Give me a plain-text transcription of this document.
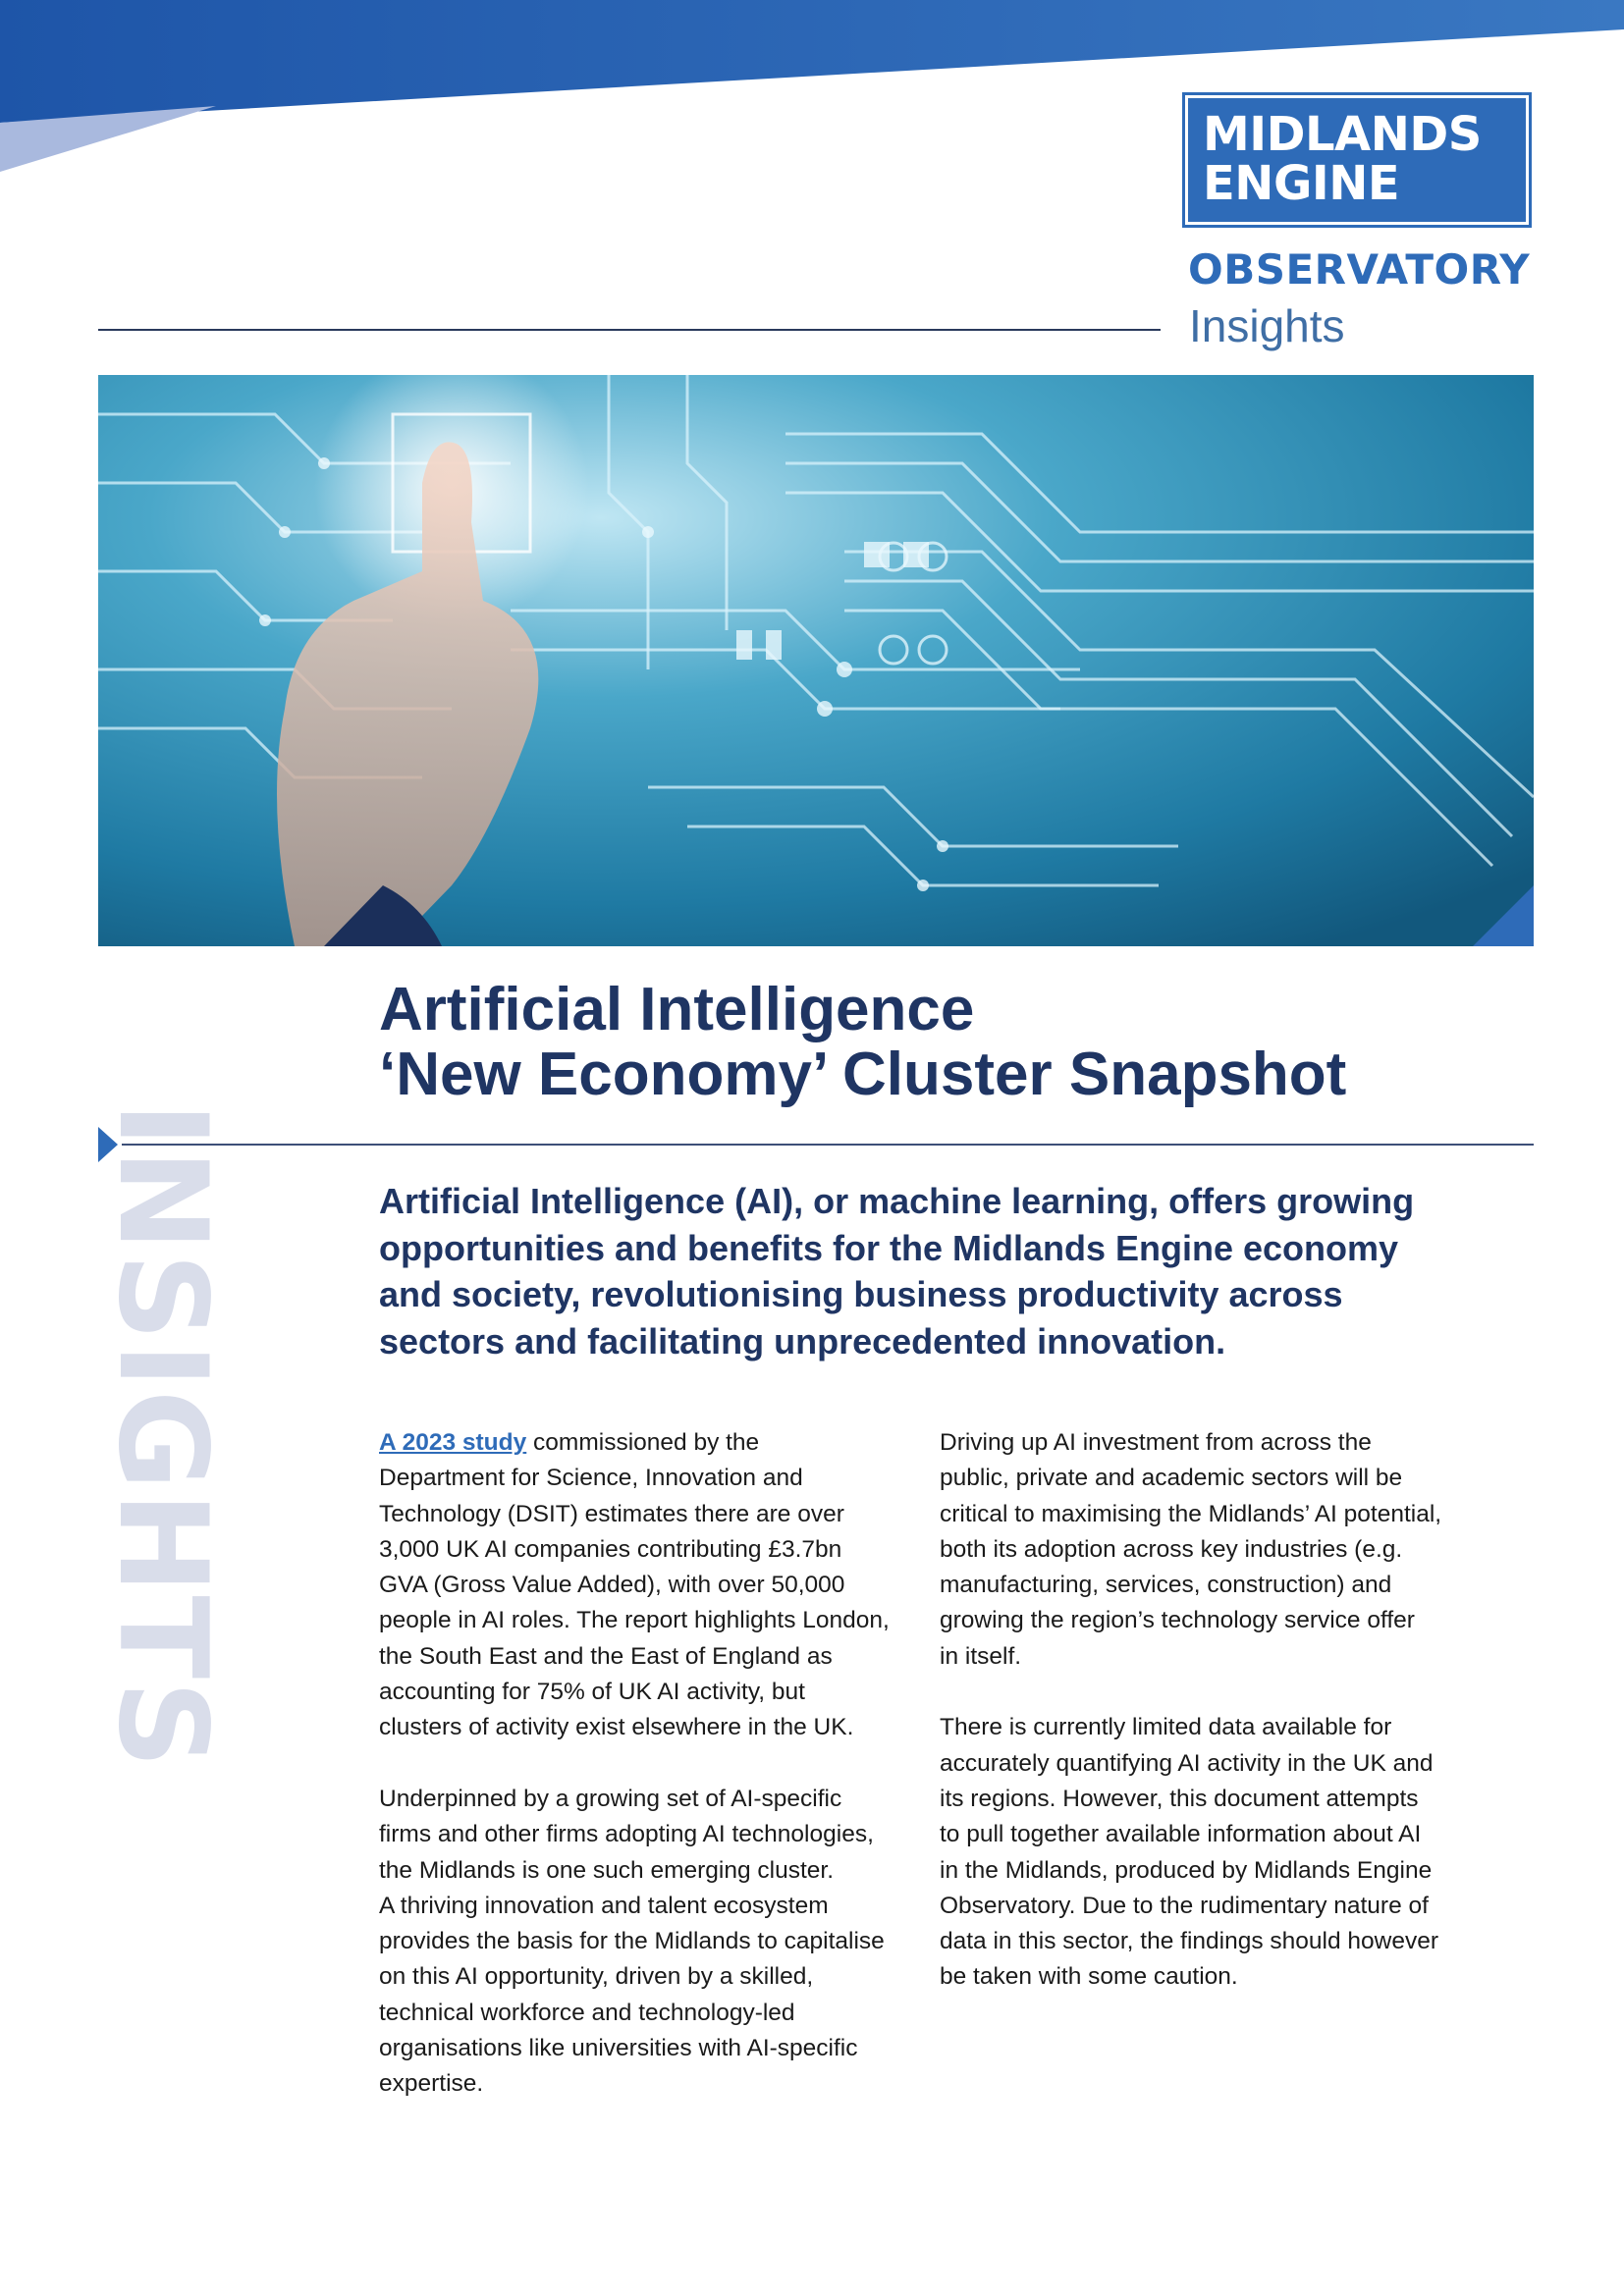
MIDLANDS
ENGINE
OBSERVATORY
Insights
Artificial Intelligence
‘New Economy’ Cluster Snapshot
INSIGHTS	Artificial Intelligence (AI), or machine learning, offers growing
opportunities and benefits for the Midlands Engine economy
and society, revolutionising business productivity across
sectors and facilitating unprecedented innovation.
A 2023 study commissioned by the
Department for Science, Innovation and
Technology (DSIT) estimates there are over
3,000 UK AI companies contributing £3.7bn
GVA (Gross Value Added), with over 50,000
people in AI roles. The report highlights London,
the South East and the East of England as
accounting for 75% of UK AI activity, but
clusters of activity exist elsewhere in the UK.
Underpinned by a growing set of AI-specific
firms and other firms adopting AI technologies,
the Midlands is one such emerging cluster.
A thriving innovation and talent ecosystem
provides the basis for the Midlands to capitalise
on this AI opportunity, driven by a skilled,
technical workforce and technology-led
organisations like universities with AI-specific
expertise.
Driving up AI investment from across the
public, private and academic sectors will be
critical to maximising the Midlands’ AI potential,
both its adoption across key industries (e.g.
manufacturing, services, construction) and
growing the region’s technology service offer
in itself.
There is currently limited data available for
accurately quantifying AI activity in the UK and
its regions. However, this document attempts
to pull together available information about AI
in the Midlands, produced by Midlands Engine
Observatory. Due to the rudimentary nature of
data in this sector, the findings should however
be taken with some caution.
